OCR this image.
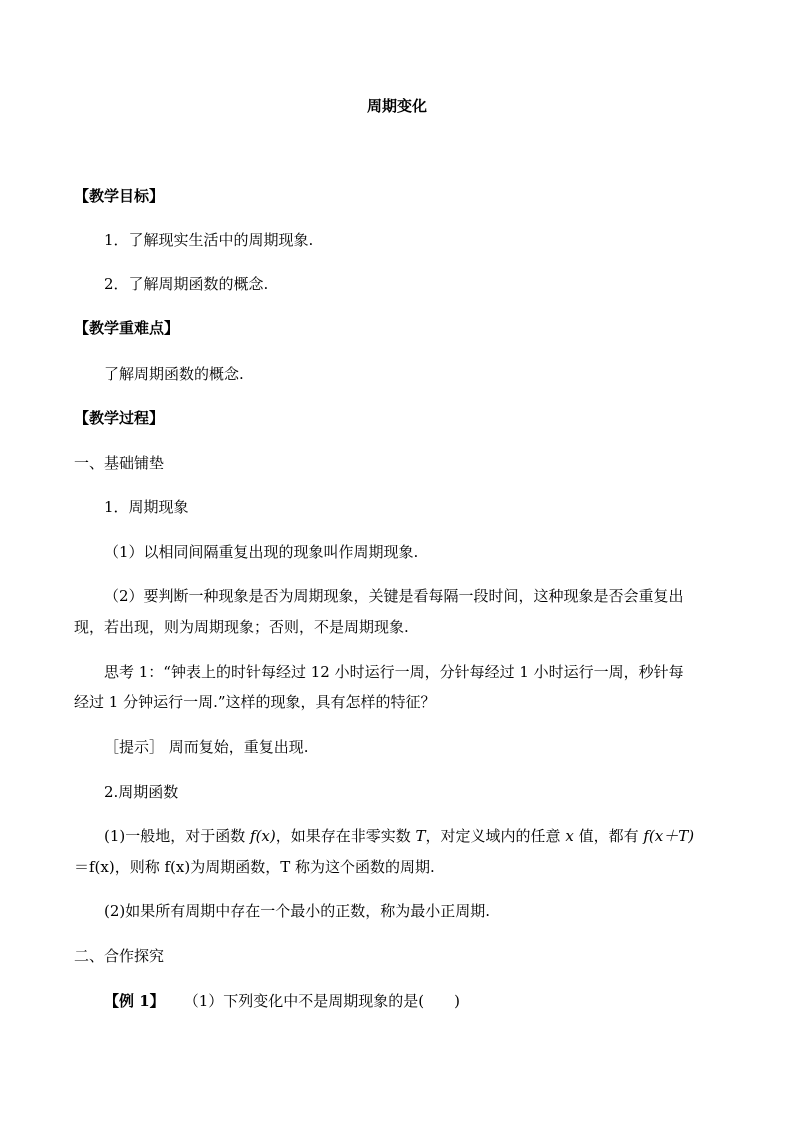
周期变化
【教学目标】
1．了解现实生活中的周期现象.
2．了解周期函数的概念.
【教学重难点】
了解周期函数的概念.
【教学过程】
一、基础铺垫
1．周期现象
（1）以相同间隔重复出现的现象叫作周期现象.
（2）要判断一种现象是否为周期现象，关键是看每隔一段时间，这种现象是否会重复出
现，若出现，则为周期现象；否则，不是周期现象.
思考 1：“钟表上的时针每经过 12 小时运行一周，分针每经过 1 小时运行一周，秒针每
经过 1 分钟运行一周.”这样的现象，具有怎样的特征？
［提示］ 周而复始，重复出现.
2.周期函数
(1)一般地，对于函数 f(x)，如果存在非零实数 T，对定义域内的任意 x 值，都有 f(x＋T)
＝f(x)，则称 f(x)为周期函数，T 称为这个函数的周期.
(2)如果所有周期中存在一个最小的正数，称为最小正周期.
二、合作探究
【例 1】 （1）下列变化中不是周期现象的是(　　)
